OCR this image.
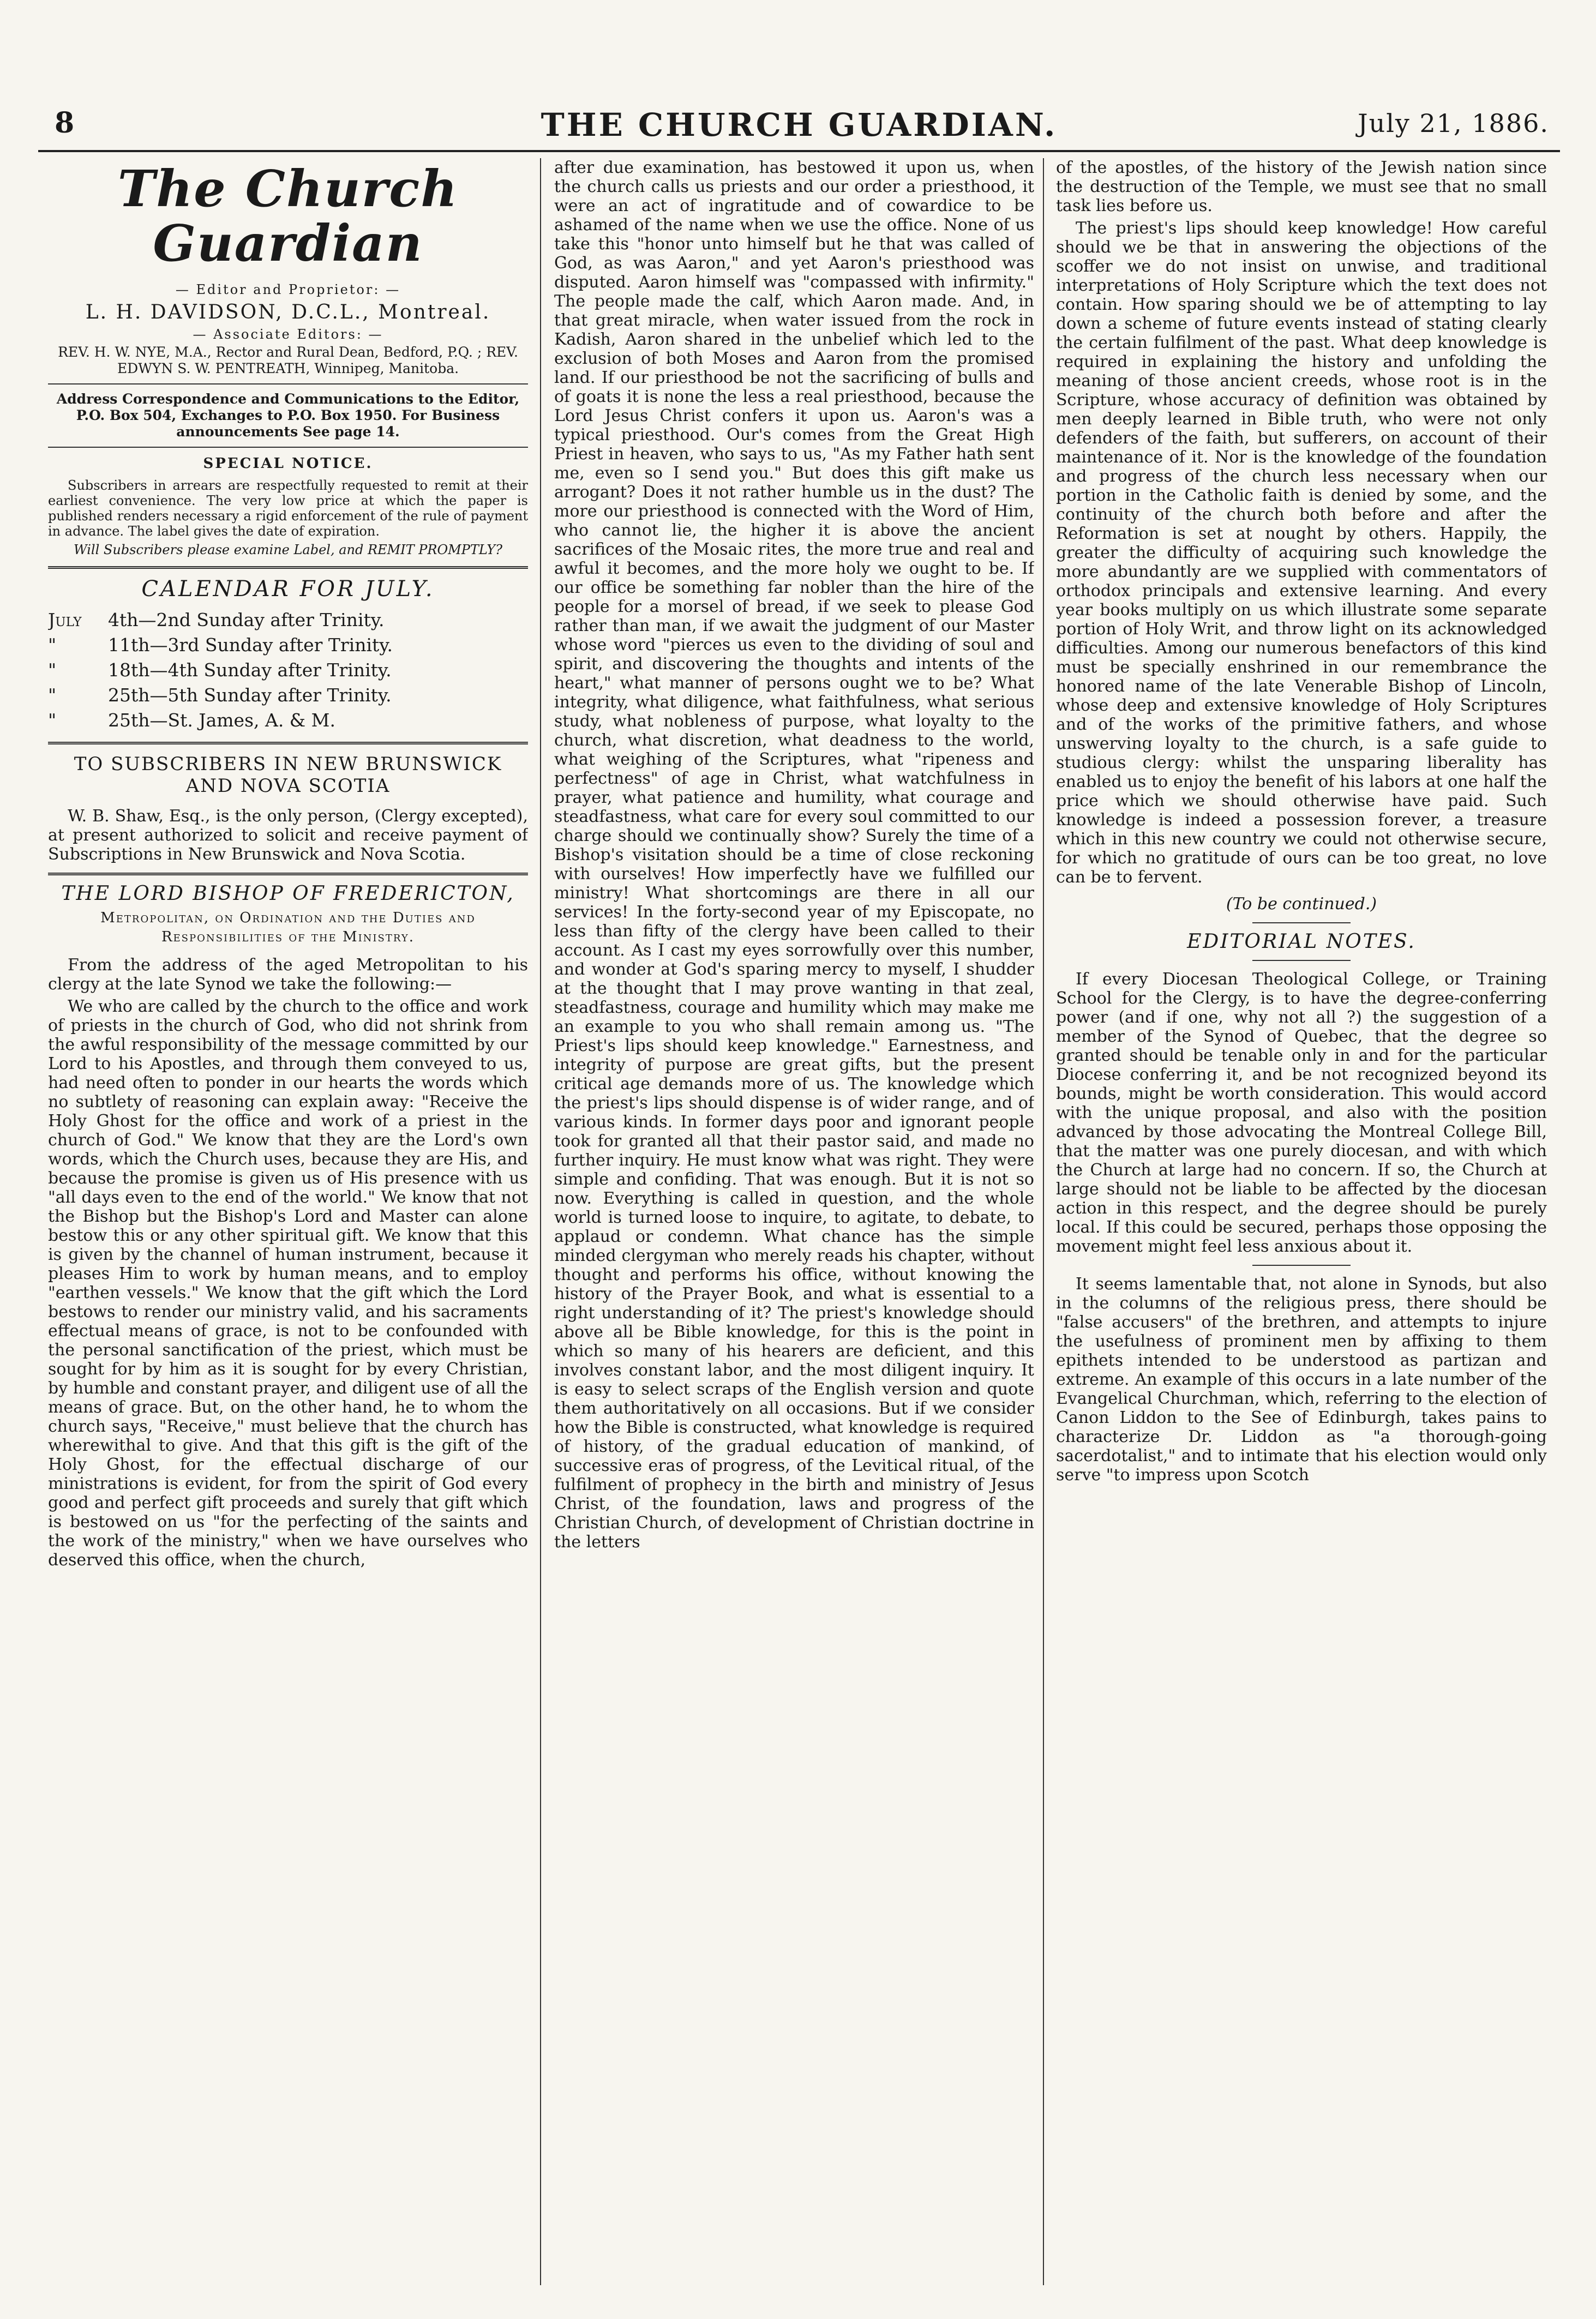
8	THE CHURCH GUARDIAN.	July 21, 1886.
The Church Guardian
— Editor and Proprietor: —
L. H. DAVIDSON, D.C.L., Montreal.
— Associate Editors: —
REV. H. W. NYE, M.A., Rector and Rural Dean, Bedford, P.Q. ; REV. EDWYN S. W. PENTREATH, Winnipeg, Manitoba.
Address Correspondence and Communications to the Editor, P.O. Box 504, Exchanges to P.O. Box 1950. For Business announcements See page 14.
SPECIAL NOTICE.

Subscribers in arrears are respectfully requested to remit at their earliest convenience. The very low price at which the paper is published renders necessary a rigid enforcement of the rule of payment in advance. The label gives the date of expiration.

Will Subscribers please examine Label, and REMIT PROMPTLY?

CALENDAR FOR JULY.
July	4th—2nd Sunday after Trinity.
"	11th—3rd Sunday after Trinity.
"	18th—4th Sunday after Trinity.
"	25th—5th Sunday after Trinity.
"	25th—St. James, A. & M.
TO SUBSCRIBERS IN NEW BRUNSWICK AND NOVA SCOTIA

W. B. Shaw, Esq., is the only person, (Clergy excepted), at present authorized to solicit and receive payment of Subscriptions in New Brunswick and Nova Scotia.

THE LORD BISHOP OF FREDERICTON,
Metropolitan, on Ordination and the Duties and Responsibilities of the Ministry.

From the address of the aged Metropolitan to his clergy at the late Synod we take the following:—

We who are called by the church to the office and work of priests in the church of God, who did not shrink from the awful responsibility of the message committed by our Lord to his Apostles, and through them conveyed to us, had need often to ponder in our hearts the words which no subtlety of reasoning can explain away: "Receive the Holy Ghost for the office and work of a priest in the church of God." We know that they are the Lord's own words, which the Church uses, because they are His, and because the promise is given us of His presence with us "all days even to the end of the world." We know that not the Bishop but the Bishop's Lord and Master can alone bestow this or any other spiritual gift. We know that this is given by the channel of human instrument, because it pleases Him to work by human means, and to employ "earthen vessels." We know that the gift which the Lord bestows to render our ministry valid, and his sacraments effectual means of grace, is not to be confounded with the personal sanctification of the priest, which must be sought for by him as it is sought for by every Christian, by humble and constant prayer, and diligent use of all the means of grace. But, on the other hand, he to whom the church says, "Receive," must believe that the church has wherewithal to give. And that this gift is the gift of the Holy Ghost, for the effectual discharge of our ministrations is evident, for from the spirit of God every good and perfect gift proceeds and surely that gift which is bestowed on us "for the perfecting of the saints and the work of the ministry," when we have ourselves who deserved this office, when the church,

after due examination, has bestowed it upon us, when the church calls us priests and our order a priesthood, it were an act of ingratitude and of cowardice to be ashamed of the name when we use the office. None of us take this "honor unto himself but he that was called of God, as was Aaron," and yet Aaron's priesthood was disputed. Aaron himself was "compassed with infirmity." The people made the calf, which Aaron made. And, in that great miracle, when water issued from the rock in Kadish, Aaron shared in the unbelief which led to the exclusion of both Moses and Aaron from the promised land. If our priesthood be not the sacrificing of bulls and of goats it is none the less a real priesthood, because the Lord Jesus Christ confers it upon us. Aaron's was a typical priesthood. Our's comes from the Great High Priest in heaven, who says to us, "As my Father hath sent me, even so I send you." But does this gift make us arrogant? Does it not rather humble us in the dust? The more our priesthood is connected with the Word of Him, who cannot lie, the higher it is above the ancient sacrifices of the Mosaic rites, the more true and real and awful it becomes, and the more holy we ought to be. If our office be something far nobler than the hire of the people for a morsel of bread, if we seek to please God rather than man, if we await the judgment of our Master whose word "pierces us even to the dividing of soul and spirit, and discovering the thoughts and intents of the heart," what manner of persons ought we to be? What integrity, what diligence, what faithfulness, what serious study, what nobleness of purpose, what loyalty to the church, what discretion, what deadness to the world, what weighing of the Scriptures, what "ripeness and perfectness" of age in Christ, what watchfulness in prayer, what patience and humility, what courage and steadfastness, what care for every soul committed to our charge should we continually show? Surely the time of a Bishop's visitation should be a time of close reckoning with ourselves! How imperfectly have we fulfilled our ministry! What shortcomings are there in all our services! In the forty-second year of my Episcopate, no less than fifty of the clergy have been called to their account. As I cast my eyes sorrowfully over this number, and wonder at God's sparing mercy to myself, I shudder at the thought that I may prove wanting in that zeal, steadfastness, courage and humility which may make me an example to you who shall remain among us. "The Priest's lips should keep knowledge." Earnestness, and integrity of purpose are great gifts, but the present critical age demands more of us. The knowledge which the priest's lips should dispense is of wider range, and of various kinds. In former days poor and ignorant people took for granted all that their pastor said, and made no further inquiry. He must know what was right. They were simple and confiding. That was enough. But it is not so now. Everything is called in question, and the whole world is turned loose to inquire, to agitate, to debate, to applaud or condemn. What chance has the simple minded clergyman who merely reads his chapter, without thought and performs his office, without knowing the history of the Prayer Book, and what is essential to a right understanding of it? The priest's knowledge should above all be Bible knowledge, for this is the point in which so many of his hearers are deficient, and this involves constant labor, and the most diligent inquiry. It is easy to select scraps of the English version and quote them authoritatively on all occasions. But if we consider how the Bible is constructed, what knowledge is required of history, of the gradual education of mankind, of successive eras of progress, of the Levitical ritual, of the fulfilment of prophecy in the birth and ministry of Jesus Christ, of the foundation, laws and progress of the Christian Church, of development of Christian doctrine in the letters

of the apostles, of the history of the Jewish nation since the destruction of the Temple, we must see that no small task lies before us.

The priest's lips should keep knowledge! How careful should we be that in answering the objections of the scoffer we do not insist on unwise, and traditional interpretations of Holy Scripture which the text does not contain. How sparing should we be of attempting to lay down a scheme of future events instead of stating clearly the certain fulfilment of the past. What deep knowledge is required in explaining the history and unfolding the meaning of those ancient creeds, whose root is in the Scripture, whose accuracy of definition was obtained by men deeply learned in Bible truth, who were not only defenders of the faith, but sufferers, on account of their maintenance of it. Nor is the knowledge of the foundation and progress of the church less necessary when our portion in the Catholic faith is denied by some, and the continuity of the church both before and after the Reformation is set at nought by others. Happily, the greater the difficulty of acquiring such knowledge the more abundantly are we supplied with commentators of orthodox principals and extensive learning. And every year books multiply on us which illustrate some separate portion of Holy Writ, and throw light on its acknowledged difficulties. Among our numerous benefactors of this kind must be specially enshrined in our remembrance the honored name of the late Venerable Bishop of Lincoln, whose deep and extensive knowledge of Holy Scriptures and of the works of the primitive fathers, and whose unswerving loyalty to the church, is a safe guide to studious clergy: whilst the unsparing liberality has enabled us to enjoy the benefit of his labors at one half the price which we should otherwise have paid. Such knowledge is indeed a possession forever, a treasure which in this new country we could not otherwise secure, for which no gratitude of ours can be too great, no love can be to fervent.

(To be continued.)
EDITORIAL NOTES.

If every Diocesan Theological College, or Training School for the Clergy, is to have the degree-conferring power (and if one, why not all ?) the suggestion of a member of the Synod of Quebec, that the degree so granted should be tenable only in and for the particular Diocese conferring it, and be not recognized beyond its bounds, might be worth consideration. This would accord with the unique proposal, and also with the position advanced by those advocating the Montreal College Bill, that the matter was one purely diocesan, and with which the Church at large had no concern. If so, the Church at large should not be liable to be affected by the diocesan action in this respect, and the degree should be purely local. If this could be secured, perhaps those opposing the movement might feel less anxious about it.

It seems lamentable that, not alone in Synods, but also in the columns of the religious press, there should be "false accusers" of the brethren, and attempts to injure the usefulness of prominent men by affixing to them epithets intended to be understood as partizan and extreme. An example of this occurs in a late number of the Evangelical Churchman, which, referring to the election of Canon Liddon to the See of Edinburgh, takes pains to characterize Dr. Liddon as "a thorough-going sacerdotalist," and to intimate that his election would only serve "to impress upon Scotch
